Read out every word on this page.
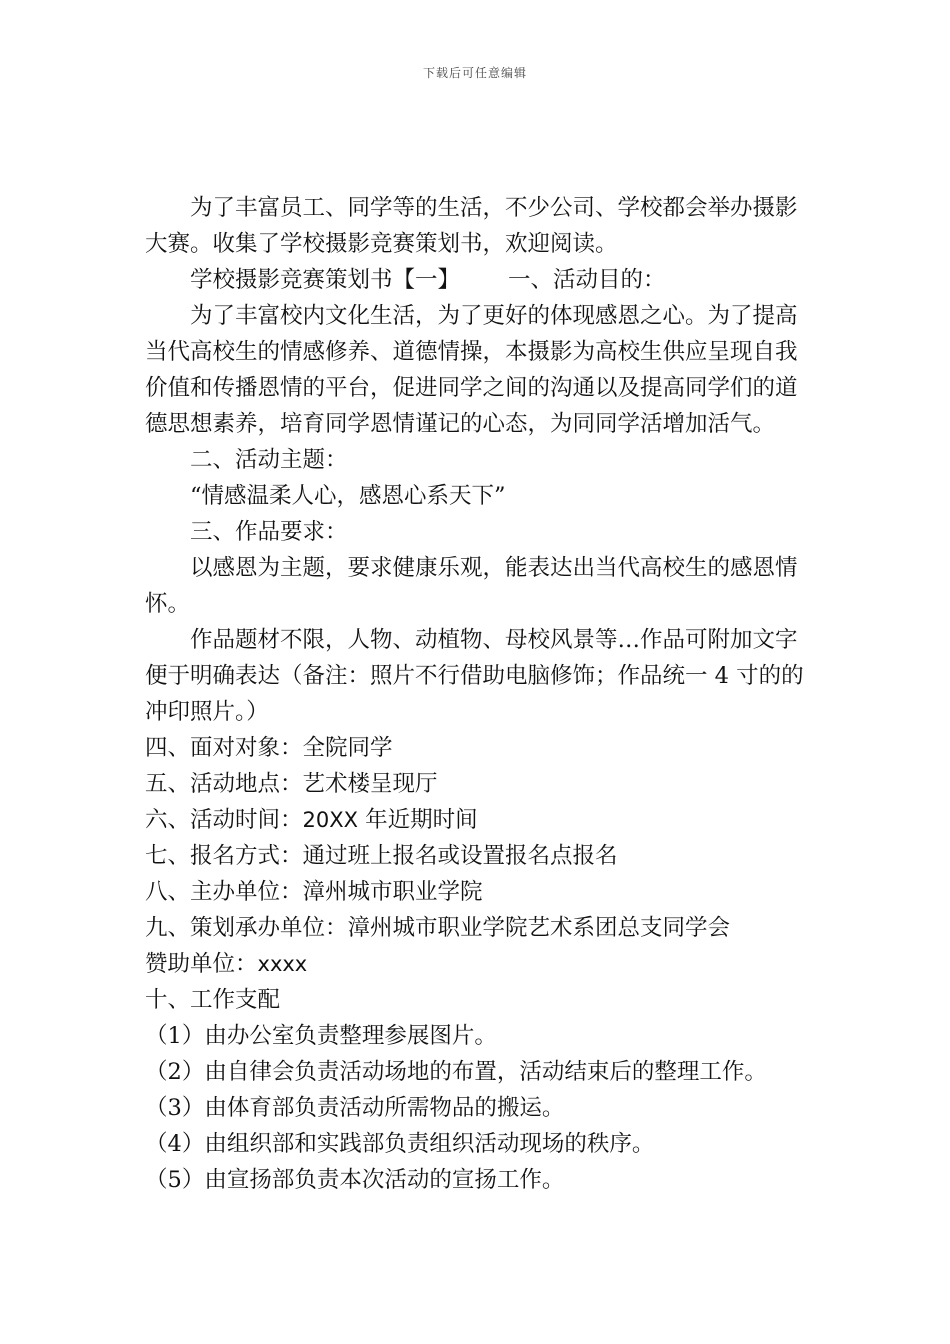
下载后可任意编辑

为了丰富员工、同学等的生活，不少公司、学校都会举办摄影大赛。收集了学校摄影竞赛策划书，欢迎阅读。

学校摄影竞赛策划书【一】 一、活动目的：

为了丰富校内文化生活，为了更好的体现感恩之心。为了提高当代高校生的情感修养、道德情操，本摄影为高校生供应呈现自我价值和传播恩情的平台，促进同学之间的沟通以及提高同学们的道德思想素养，培育同学恩情谨记的心态，为同同学活增加活气。

二、活动主题：

“情感温柔人心，感恩心系天下”

三、作品要求：

以感恩为主题，要求健康乐观，能表达出当代高校生的感恩情怀。

作品题材不限，人物、动植物、母校风景等…作品可附加文字便于明确表达（备注：照片不行借助电脑修饰；作品统一 4 寸的的冲印照片。）

四、面对对象：全院同学

五、活动地点：艺术楼呈现厅

六、活动时间：20XX 年近期时间

七、报名方式：通过班上报名或设置报名点报名

八、主办单位：漳州城市职业学院

九、策划承办单位：漳州城市职业学院艺术系团总支同学会

赞助单位：xxxx

十、工作支配

（1）由办公室负责整理参展图片。

（2）由自律会负责活动场地的布置，活动结束后的整理工作。

（3）由体育部负责活动所需物品的搬运。

（4）由组织部和实践部负责组织活动现场的秩序。

（5）由宣扬部负责本次活动的宣扬工作。
